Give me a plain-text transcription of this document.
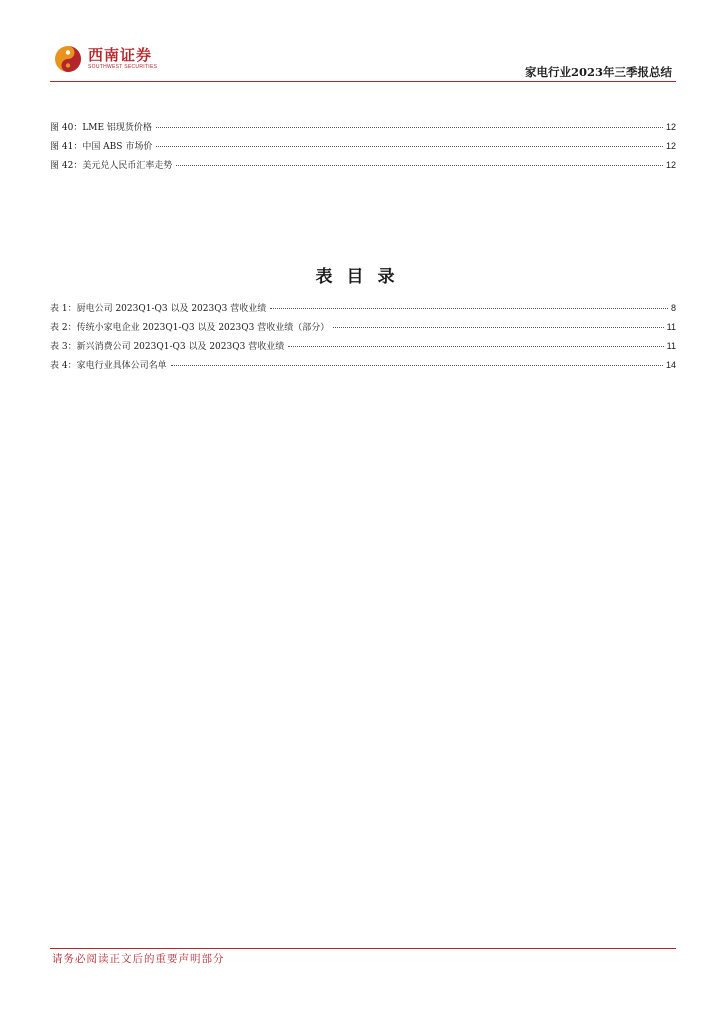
西南证券
SOUTHWEST SECURITIES	家电行业2023年三季报总结
图 40：LME 铝现货价格	12
图 41：中国 ABS 市场价	12
图 42：美元兑人民币汇率走势	12
表目录
表 1：厨电公司 2023Q1-Q3 以及 2023Q3 营收业绩	8
表 2：传统小家电企业 2023Q1-Q3 以及 2023Q3 营收业绩（部分）	11
表 3：新兴消费公司 2023Q1-Q3 以及 2023Q3 营收业绩	11
表 4：家电行业具体公司名单	14
请务必阅读正文后的重要声明部分
